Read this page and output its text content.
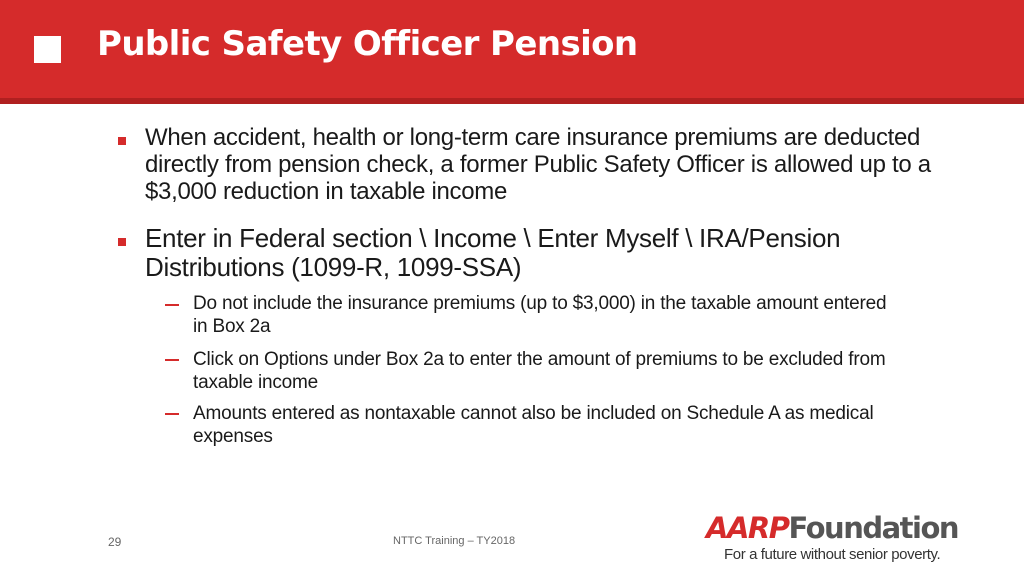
Public Safety Officer Pension
When accident, health or long-term care insurance premiums are deducted directly from pension check, a former Public Safety Officer is allowed up to a $3,000 reduction in taxable income
Enter in Federal section \ Income \ Enter Myself \ IRA/Pension Distributions (1099-R, 1099-SSA)
Do not include the insurance premiums (up to $3,000) in the taxable amount entered in Box 2a
Click on Options under Box 2a to enter the amount of premiums to be excluded from taxable income
Amounts entered as nontaxable cannot also be included on Schedule A as medical expenses
29	NTTC Training – TY2018	AARPFoundation
For a future without senior poverty.
